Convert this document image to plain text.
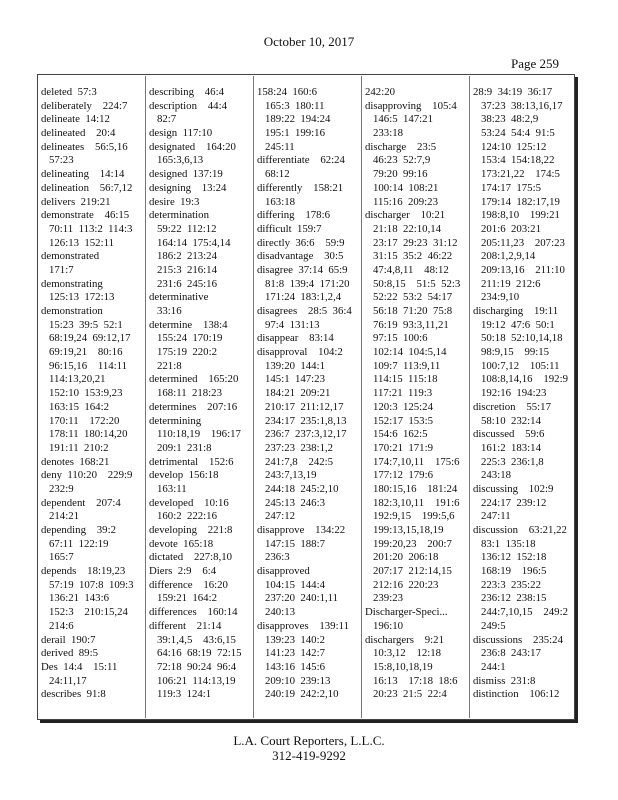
October 10, 2017
Page 259
deleted  57:3
deliberately    224:7
delineate  14:12
delineated    20:4
delineates    56:5,16
57:23
delineating    14:14
delineation    56:7,12
delivers  219:21
demonstrate    46:15
70:11  113:2  114:3
126:13  152:11
demonstrated
171:7
demonstrating
125:13  172:13
demonstration
15:23  39:5  52:1
68:19,24  69:12,17
69:19,21    80:16
96:15,16    114:11
114:13,20,21
152:10  153:9,23
163:15  164:2
170:11    172:20
178:11  180:14,20
191:11  210:2
denotes  168:21
deny  110:20    229:9
232:9
dependent    207:4
214:21
depending    39:2
67:11  122:19
165:7
depends    18:19,23
57:19  107:8  109:3
136:21  143:6
152:3    210:15,24
214:6
derail  190:7
derived  89:5
Des  14:4    15:11
24:11,17
describes  91:8
describing    46:4
description    44:4
82:7
design  117:10
designated    164:20
165:3,6,13
designed  137:19
designing    13:24
desire  19:3
determination
59:22  112:12
164:14  175:4,14
186:2  213:24
215:3  216:14
231:6  245:16
determinative
33:16
determine    138:4
155:24  170:19
175:19  220:2
221:8
determined    165:20
168:11  218:23
determines    207:16
determining
110:18,19    196:17
209:1  231:8
detrimental    152:6
develop  156:18
163:11
developed    10:16
160:2  222:16
developing    221:8
devote  165:18
dictated    227:8,10
Diers  2:9    6:4
difference    16:20
159:21  164:2
differences    160:14
different    21:14
39:1,4,5    43:6,15
64:16  68:19  72:15
72:18  90:24  96:4
106:21  114:13,19
119:3  124:1
158:24  160:6
165:3  180:11
189:22  194:24
195:1  199:16
245:11
differentiate    62:24
68:12
differently    158:21
163:18
differing    178:6
difficult  159:7
directly  36:6    59:9
disadvantage    30:5
disagree  37:14  65:9
81:8  139:4  171:20
171:24  183:1,2,4
disagrees    28:5  36:4
97:4  131:13
disappear    83:14
disapproval    104:2
139:20  144:1
145:1  147:23
184:21  209:21
210:17  211:12,17
234:17  235:1,8,13
236:7  237:3,12,17
237:23  238:1,2
241:7,8    242:5
243:7,13,19
244:18  245:2,10
245:13  246:3
247:12
disapprove    134:22
147:15  188:7
236:3
disapproved
104:15  144:4
237:20  240:1,11
240:13
disapproves    139:11
139:23  140:2
141:23  142:7
143:16  145:6
209:10  239:13
240:19  242:2,10
242:20
disapproving    105:4
146:5  147:21
233:18
discharge    23:5
46:23  52:7,9
79:20  99:16
100:14  108:21
115:16  209:23
discharger    10:21
21:18  22:10,14
23:17  29:23  31:12
31:15  35:2  46:22
47:4,8,11    48:12
50:8,15    51:5  52:3
52:22  53:2  54:17
56:18  71:20  75:8
76:19  93:3,11,21
97:15  100:6
102:14  104:5,14
109:7  113:9,11
114:15  115:18
117:21  119:3
120:3  125:24
152:17  153:5
154:6  162:5
170:21  171:9
174:7,10,11    175:6
177:12  179:6
180:15,16    181:24
182:3,10,11    191:6
192:9,15    199:5,6
199:13,15,18,19
199:20,23    200:7
201:20  206:18
207:17  212:14,15
212:16  220:23
239:23
Discharger-Speci...
196:10
dischargers    9:21
10:3,12    12:18
15:8,10,18,19
16:13    17:18  18:6
20:23  21:5  22:4
28:9  34:19  36:17
37:23  38:13,16,17
38:23  48:2,9
53:24  54:4  91:5
124:10  125:12
153:4  154:18,22
173:21,22    174:5
174:17  175:5
179:14  182:17,19
198:8,10    199:21
201:6  203:21
205:11,23    207:23
208:1,2,9,14
209:13,16    211:10
211:19  212:6
234:9,10
discharging    19:11
19:12  47:6  50:1
50:18  52:10,14,18
98:9,15    99:15
100:7,12    105:11
108:8,14,16    192:9
192:16  194:23
discretion    55:17
58:10  232:14
discussed    59:6
161:2  183:14
225:3  236:1,8
243:18
discussing    102:9
224:17  239:12
247:11
discussion    63:21,22
83:1  135:18
136:12  152:18
168:19    196:5
223:3  235:22
236:12  238:15
244:7,10,15    249:2
249:5
discussions    235:24
236:8  243:17
244:1
dismiss  231:8
distinction    106:12
L.A. Court Reporters, L.L.C.
312-419-9292
